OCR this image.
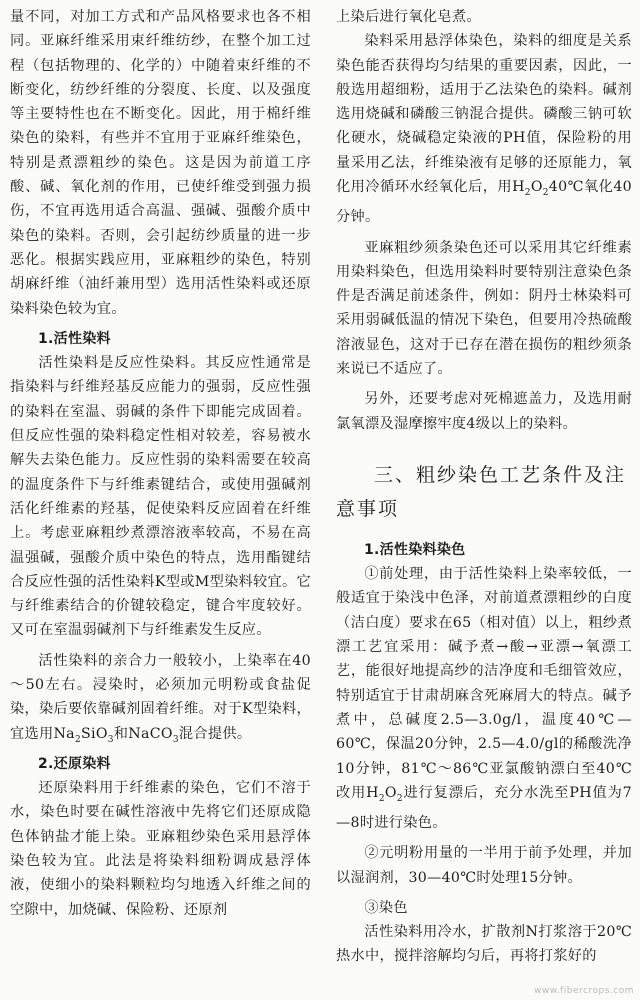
量不同，对加工方式和产品风格要求也各不相同。亚麻纤维采用束纤维纺纱，在整个加工过程（包括物理的、化学的）中随着束纤维的不断变化，纺纱纤维的分裂度、长度、以及强度等主要特性也在不断变化。因此，用于棉纤维染色的染料，有些并不宜用于亚麻纤维染色，特别是煮漂粗纱的染色。这是因为前道工序酸、碱、氧化剂的作用，已使纤维受到强力损伤，不宜再选用适合高温、强碱、强酸介质中染色的染料。否则，会引起纺纱质量的进一步恶化。根据实践应用，亚麻粗纱的染色，特别胡麻纤维（油纤兼用型）选用活性染料或还原染料染色较为宜。

1.活性染料

活性染料是反应性染料。其反应性通常是指染料与纤维羟基反应能力的强弱，反应性强的染料在室温、弱碱的条件下即能完成固着。但反应性强的染料稳定性相对较差，容易被水解失去染色能力。反应性弱的染料需要在较高的温度条件下与纤维素键结合，或使用强碱剂活化纤维素的羟基，促使染料反应固着在纤维上。考虑亚麻粗纱煮漂溶液率较高，不易在高温强碱，强酸介质中染色的特点，选用酯键结合反应性强的活性染料K型或M型染料较宜。它与纤维素结合的价键较稳定，键合牢度较好。又可在室温弱碱剂下与纤维素发生反应。

活性染料的亲合力一般较小，上染率在40～50左右。浸染时，必须加元明粉或食盐促染，染后要依靠碱剂固着纤维。对于K型染料，宜选用$Na_2SiO_3$和NaCO$_3$混合提供。

2.还原染料

还原染料用于纤维素的染色，它们不溶于水，染色时要在碱性溶液中先将它们还原成隐色体钠盐才能上染。亚麻粗纱染色采用悬浮体染色较为宜。此法是将染料细粉调成悬浮体液，使细小的染料颗粒均匀地透入纤维之间的空隙中，加烧碱、保险粉、还原剂

上染后进行氧化皂煮。

染料采用悬浮体染色，染料的细度是关系染色能否获得均匀结果的重要因素，因此，一般选用超细粉，适用于乙法染色的染料。碱剂选用烧碱和磷酸三钠混合提供。磷酸三钠可软化硬水，烧碱稳定染液的PH值，保险粉的用量采用乙法，纤维染液有足够的还原能力，氧化用冷循环水经氧化后，用$H_2O_240℃$氧化40分钟。

亚麻粗纱须条染色还可以采用其它纤维素用染料染色，但选用染料时要特别注意染色条件是否满足前述条件，例如：阴丹士林染料可采用弱碱低温的情况下染色，但要用冷热硫酸溶液显色，这对于已存在潜在损伤的粗纱须条来说已不适应了。

另外，还要考虑对死棉遮盖力，及选用耐氯氧漂及湿摩擦牢度4级以上的染料。

三、粗纱染色工艺条件及注意事项
1.活性染料染色

①前处理，由于活性染料上染率较低，一般适宜于染浅中色泽，对前道煮漂粗纱的白度（洁白度）要求在65（相对值）以上，粗纱煮漂工艺宜采用：碱予煮→酸→亚漂→氧漂工艺，能很好地提高纱的洁净度和毛细管效应，特别适宜于甘肃胡麻含死麻屑大的特点。碱予煮中，总碱度2.5—3.0g/l，温度40℃—60℃，保温20分钟，2.5—4.0/gl的稀酸洗净10分钟，81℃～86℃亚氯酸钠漂白至40℃改用$H_2O_2$进行复漂后，充分水洗至PH值为7—8时进行染色。

②元明粉用量的一半用于前予处理，并加以湿润剂，30—40℃时处理15分钟。

③染色

活性染料用冷水，扩散剂N打浆溶于20℃热水中，搅拌溶解均匀后，再将打浆好的

www.fibercrops.com
